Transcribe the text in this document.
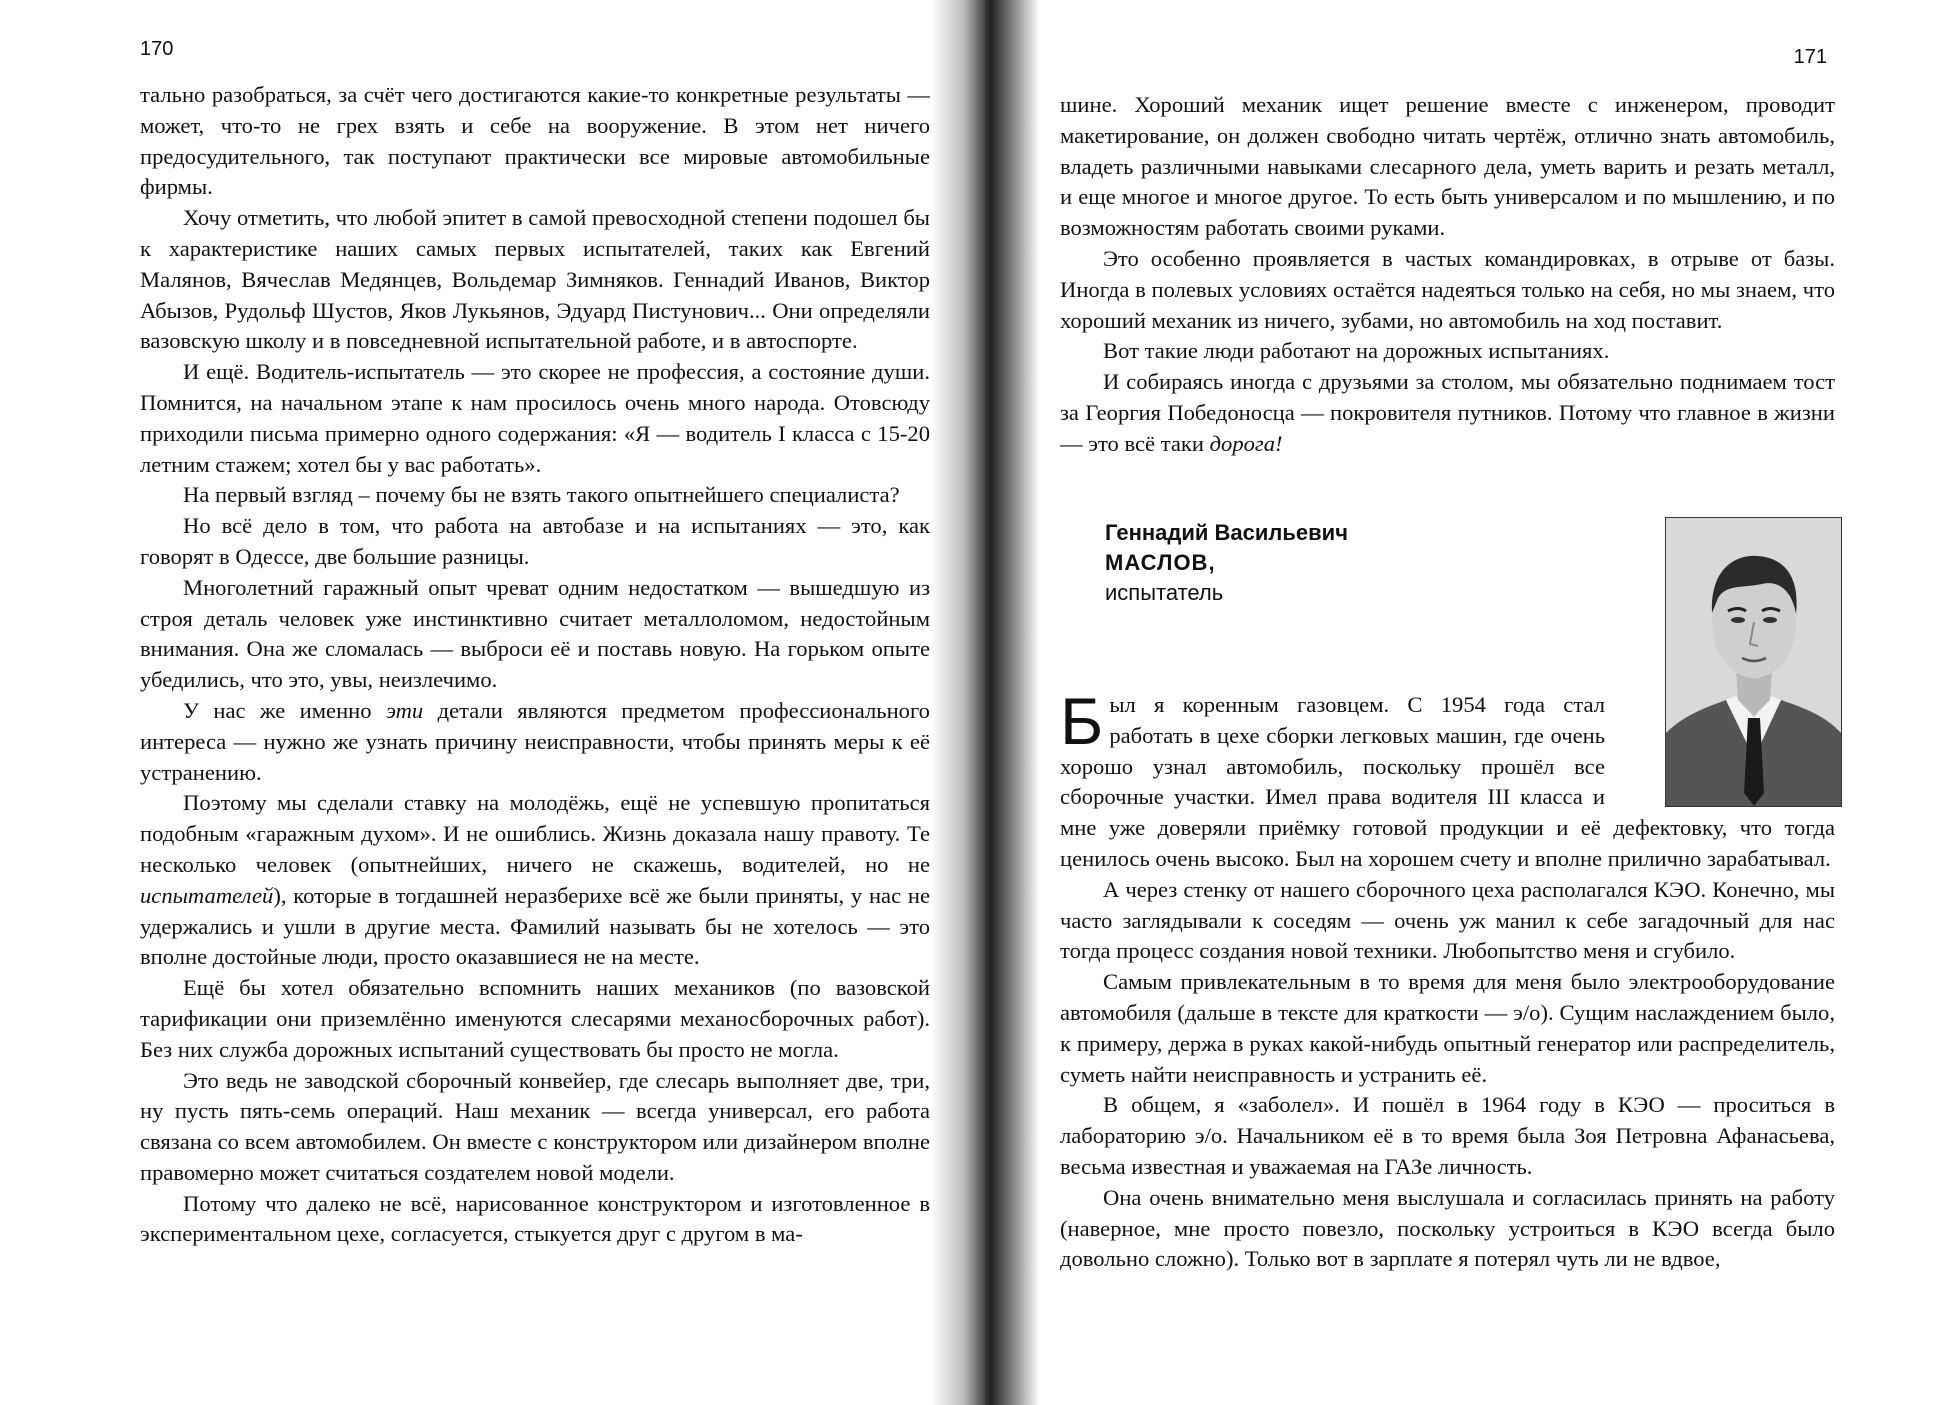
170

тально разобраться, за счёт чего достигаются какие-то конкретные результаты — может, что-то не грех взять и себе на вооружение. В этом нет ничего предосудительного, так поступают практически все мировые автомобильные фирмы.

Хочу отметить, что любой эпитет в самой превосходной степени подошел бы к характеристике наших самых первых испытателей, таких как Евгений Малянов, Вячеслав Медянцев, Вольдемар Зимняков. Геннадий Иванов, Виктор Абызов, Рудольф Шустов, Яков Лукьянов, Эдуард Пистунович... Они определяли вазовскую школу и в повседневной испытательной работе, и в автоспорте.

И ещё. Водитель-испытатель — это скорее не профессия, а состояние души. Помнится, на начальном этапе к нам просилось очень много народа. Отовсюду приходили письма примерно одного содержания: «Я — водитель I класса с 15-20 летним стажем; хотел бы у вас работать».

На первый взгляд – почему бы не взять такого опытнейшего специалиста?

Но всё дело в том, что работа на автобазе и на испытаниях — это, как говорят в Одессе, две большие разницы.

Многолетний гаражный опыт чреват одним недостатком — вышедшую из строя деталь человек уже инстинктивно считает металлоломом, недостойным внимания. Она же сломалась — выброси её и поставь новую. На горьком опыте убедились, что это, увы, неизлечимо.

У нас же именно эти детали являются предметом профессионального интереса — нужно же узнать причину неисправности, чтобы принять меры к её устранению.

Поэтому мы сделали ставку на молодёжь, ещё не успевшую пропитаться подобным «гаражным духом». И не ошиблись. Жизнь доказала нашу правоту. Те несколько человек (опытнейших, ничего не скажешь, водителей, но не испытателей), которые в тогдашней неразберихе всё же были приняты, у нас не удержались и ушли в другие места. Фамилий называть бы не хотелось — это вполне достойные люди, просто оказавшиеся не на месте.

Ещё бы хотел обязательно вспомнить наших механиков (по вазовской тарификации они приземлённо именуются слесарями механосборочных работ). Без них служба дорожных испытаний существовать бы просто не могла.

Это ведь не заводской сборочный конвейер, где слесарь выполняет две, три, ну пусть пять-семь операций. Наш механик — всегда универсал, его работа связана со всем автомобилем. Он вместе с конструктором или дизайнером вполне правомерно может считаться создателем новой модели.

Потому что далеко не всё, нарисованное конструктором и изготовленное в экспериментальном цехе, согласуется, стыкуется друг с другом в ма-

171

шине. Хороший механик ищет решение вместе с инженером, проводит макетирование, он должен свободно читать чертёж, отлично знать автомобиль, владеть различными навыками слесарного дела, уметь варить и резать металл, и еще многое и многое другое. То есть быть универсалом и по мышлению, и по возможностям работать своими руками.

Это особенно проявляется в частых командировках, в отрыве от базы. Иногда в полевых условиях остаётся надеяться только на себя, но мы знаем, что хороший механик из ничего, зубами, но автомобиль на ход поставит.

Вот такие люди работают на дорожных испытаниях.

И собираясь иногда с друзьями за столом, мы обязательно поднимаем тост за Георгия Победоносца — покровителя путников. Потому что главное в жизни — это всё таки дорога!

Геннадий Васильевич
МАСЛОВ,
испытатель

Был я коренным газовцем. С 1954 года стал работать в цехе сборки легковых машин, где очень хорошо узнал автомобиль, поскольку прошёл все сборочные участки. Имел права водителя III класса и мне уже доверяли приёмку готовой продукции и её дефектовку, что тогда ценилось очень высоко. Был на хорошем счету и вполне прилично зарабатывал.

А через стенку от нашего сборочного цеха располагался КЭО. Конечно, мы часто заглядывали к соседям — очень уж манил к себе загадочный для нас тогда процесс создания новой техники. Любопытство меня и сгубило.

Самым привлекательным в то время для меня было электрооборудование автомобиля (дальше в тексте для краткости — э/о). Сущим наслаждением было, к примеру, держа в руках какой-нибудь опытный генератор или распределитель, суметь найти неисправность и устранить её.

В общем, я «заболел». И пошёл в 1964 году в КЭО — проситься в лабораторию э/о. Начальником её в то время была Зоя Петровна Афанасьева, весьма известная и уважаемая на ГАЗе личность.

Она очень внимательно меня выслушала и согласилась принять на работу (наверное, мне просто повезло, поскольку устроиться в КЭО всегда было довольно сложно). Только вот в зарплате я потерял чуть ли не вдвое,
